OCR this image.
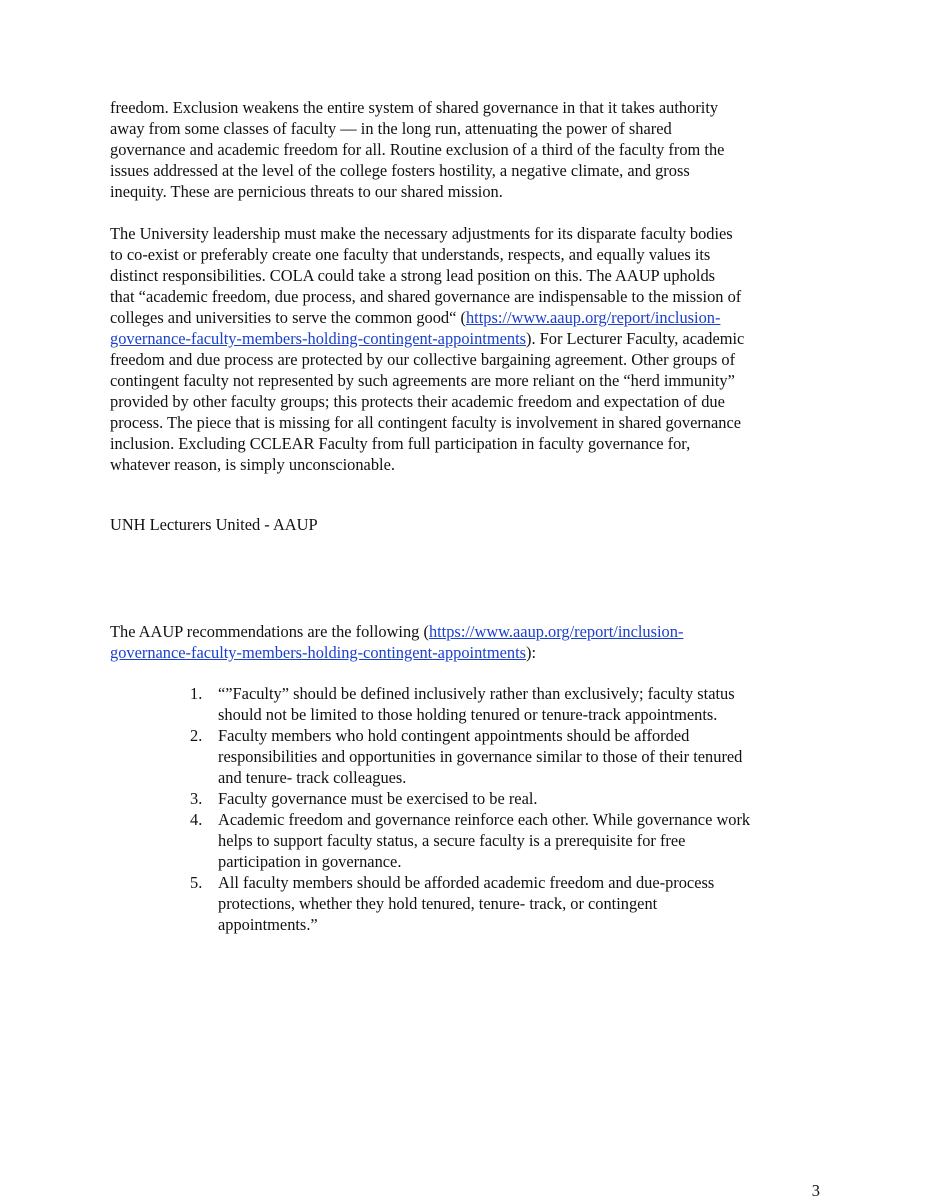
freedom. Exclusion weakens the entire system of shared governance in that it takes authority
away from some classes of faculty — in the long run, attenuating the power of shared
governance and academic freedom for all. Routine exclusion of a third of the faculty from the
issues addressed at the level of the college fosters hostility, a negative climate, and gross
inequity. These are pernicious threats to our shared mission.

The University leadership must make the necessary adjustments for its disparate faculty bodies
to co-exist or preferably create one faculty that understands, respects, and equally values its
distinct responsibilities. COLA could take a strong lead position on this. The AAUP upholds
that “academic freedom, due process, and shared governance are indispensable to the mission of
colleges and universities to serve the common good“ (https://www.aaup.org/report/inclusion-
governance-faculty-members-holding-contingent-appointments). For Lecturer Faculty, academic
freedom and due process are protected by our collective bargaining agreement. Other groups of
contingent faculty not represented by such agreements are more reliant on the “herd immunity”
provided by other faculty groups; this protects their academic freedom and expectation of due
process. The piece that is missing for all contingent faculty is involvement in shared governance
inclusion. Excluding CCLEAR Faculty from full participation in faculty governance for,
whatever reason, is simply unconscionable.

UNH Lecturers United - AAUP

The AAUP recommendations are the following (https://www.aaup.org/report/inclusion-
governance-faculty-members-holding-contingent-appointments):

1. “”Faculty” should be defined inclusively rather than exclusively; faculty status
should not be limited to those holding tenured or tenure-track appointments.
2. Faculty members who hold contingent appointments should be afforded
responsibilities and opportunities in governance similar to those of their tenured
and tenure- track colleagues.
3. Faculty governance must be exercised to be real.
4. Academic freedom and governance reinforce each other. While governance work
helps to support faculty status, a secure faculty is a prerequisite for free
participation in governance.
5. All faculty members should be afforded academic freedom and due-process
protections, whether they hold tenured, tenure- track, or contingent
appointments.”

3
